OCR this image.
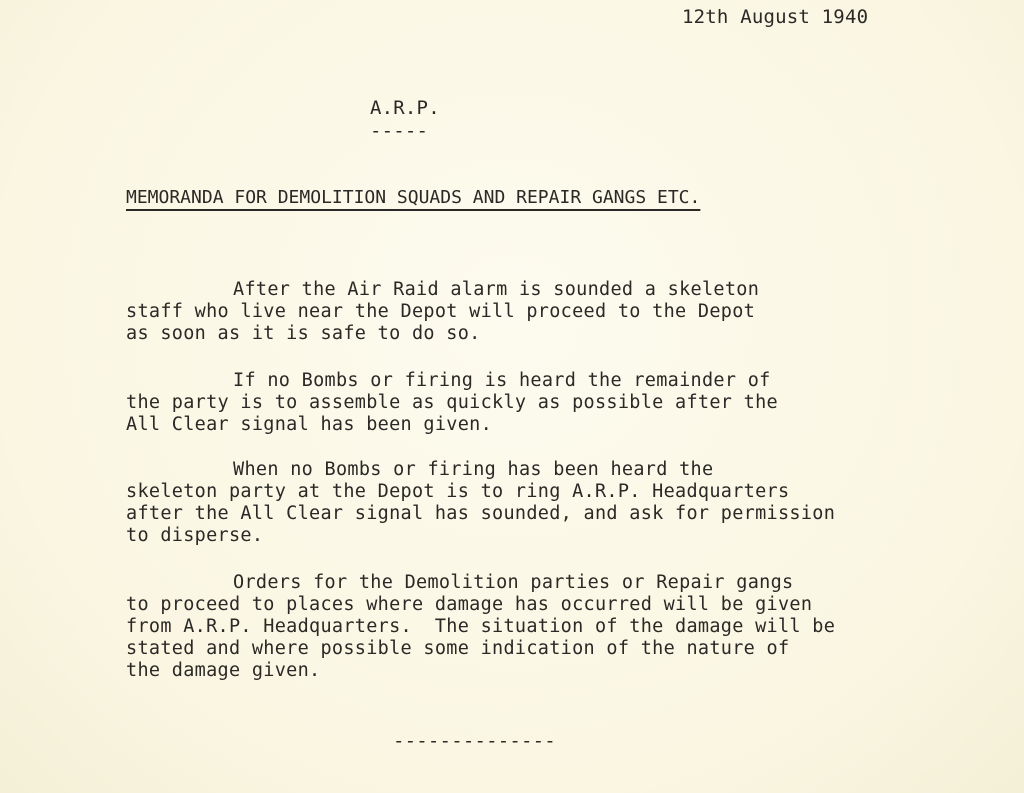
12th August 1940
A.R.P.
-----
MEMORANDA FOR DEMOLITION SQUADS AND REPAIR GANGS ETC.
After the Air Raid alarm is sounded a skeleton
staff who live near the Depot will proceed to the Depot
as soon as it is safe to do so.
If no Bombs or firing is heard the remainder of
the party is to assemble as quickly as possible after the
All Clear signal has been given.
When no Bombs or firing has been heard the
skeleton party at the Depot is to ring A.R.P. Headquarters
after the All Clear signal has sounded, and ask for permission
to disperse.
Orders for the Demolition parties or Repair gangs
to proceed to places where damage has occurred will be given
from A.R.P. Headquarters.  The situation of the damage will be
stated and where possible some indication of the nature of
the damage given.
--------------
